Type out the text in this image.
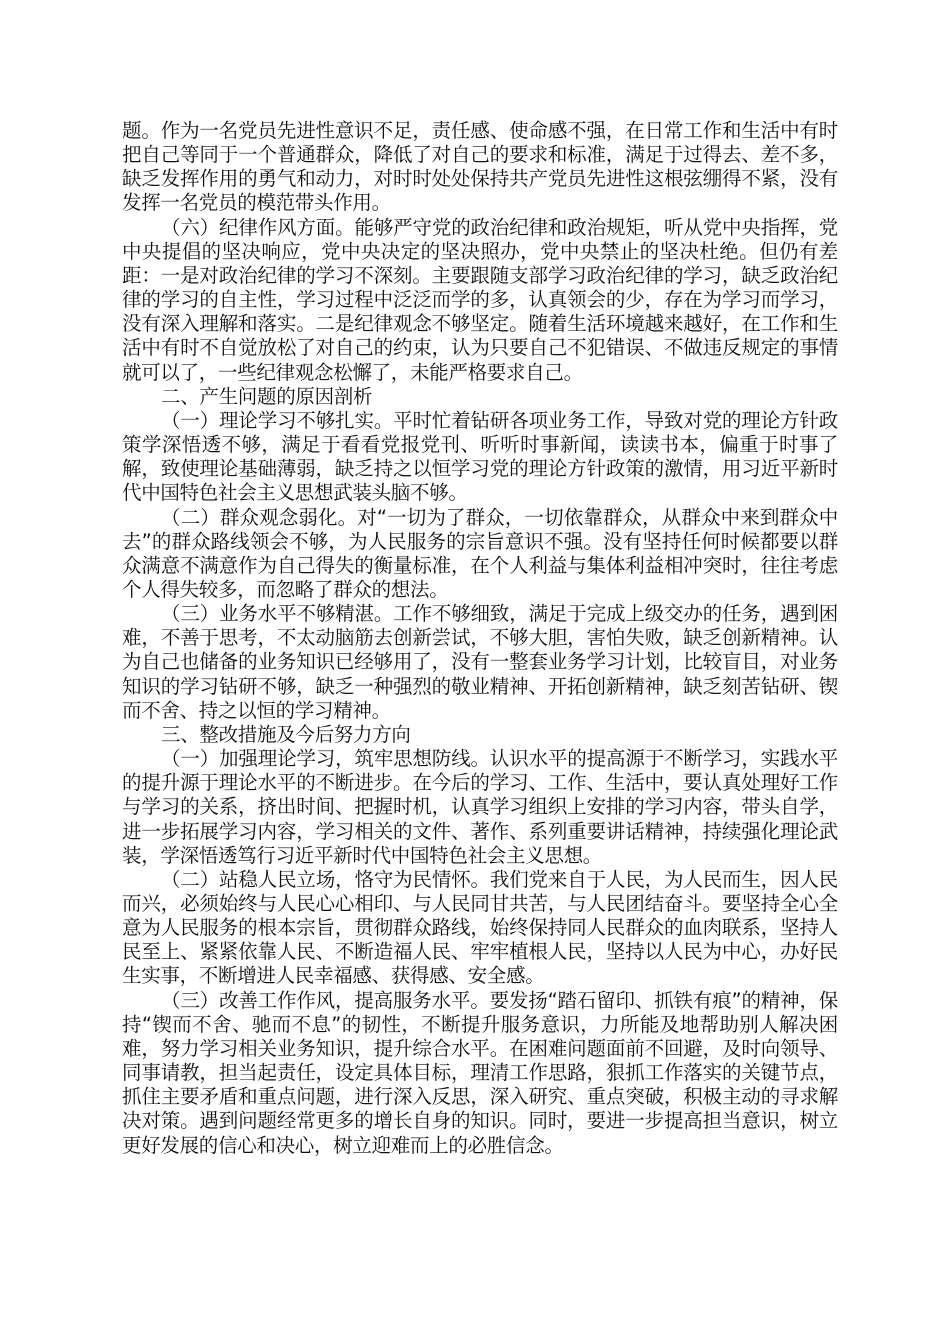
题。作为一名党员先进性意识不足，责任感、使命感不强，在日常工作和生活中有时把自己等同于一个普通群众，降低了对自己的要求和标准，满足于过得去、差不多，缺乏发挥作用的勇气和动力，对时时处处保持共产党员先进性这根弦绷得不紧，没有发挥一名党员的模范带头作用。

（六）纪律作风方面。能够严守党的政治纪律和政治规矩，听从党中央指挥，党中央提倡的坚决响应，党中央决定的坚决照办，党中央禁止的坚决杜绝。但仍有差距：一是对政治纪律的学习不深刻。主要跟随支部学习政治纪律的学习，缺乏政治纪律的学习的自主性，学习过程中泛泛而学的多，认真领会的少，存在为学习而学习，没有深入理解和落实。二是纪律观念不够坚定。随着生活环境越来越好，在工作和生活中有时不自觉放松了对自己的约束，认为只要自己不犯错误、不做违反规定的事情就可以了，一些纪律观念松懈了，未能严格要求自己。

二、产生问题的原因剖析

（一）理论学习不够扎实。平时忙着钻研各项业务工作，导致对党的理论方针政策学深悟透不够，满足于看看党报党刊、听听时事新闻，读读书本，偏重于时事了解，致使理论基础薄弱，缺乏持之以恒学习党的理论方针政策的激情，用习近平新时代中国特色社会主义思想武装头脑不够。

（二）群众观念弱化。对“一切为了群众，一切依靠群众，从群众中来到群众中去”的群众路线领会不够，为人民服务的宗旨意识不强。没有坚持任何时候都要以群众满意不满意作为自己得失的衡量标准，在个人利益与集体利益相冲突时，往往考虑个人得失较多，而忽略了群众的想法。

（三）业务水平不够精湛。工作不够细致，满足于完成上级交办的任务，遇到困难，不善于思考，不太动脑筋去创新尝试，不够大胆，害怕失败，缺乏创新精神。认为自己也储备的业务知识已经够用了，没有一整套业务学习计划，比较盲目，对业务知识的学习钻研不够，缺乏一种强烈的敬业精神、开拓创新精神，缺乏刻苦钻研、锲而不舍、持之以恒的学习精神。

三、整改措施及今后努力方向

（一）加强理论学习，筑牢思想防线。认识水平的提高源于不断学习，实践水平的提升源于理论水平的不断进步。在今后的学习、工作、生活中，要认真处理好工作与学习的关系，挤出时间、把握时机，认真学习组织上安排的学习内容，带头自学，进一步拓展学习内容，学习相关的文件、著作、系列重要讲话精神，持续强化理论武装，学深悟透笃行习近平新时代中国特色社会主义思想。

（二）站稳人民立场，恪守为民情怀。我们党来自于人民，为人民而生，因人民而兴，必须始终与人民心心相印、与人民同甘共苦，与人民团结奋斗。要坚持全心全意为人民服务的根本宗旨，贯彻群众路线，始终保持同人民群众的血肉联系，坚持人民至上、紧紧依靠人民、不断造福人民、牢牢植根人民，坚持以人民为中心，办好民生实事，不断增进人民幸福感、获得感、安全感。

（三）改善工作作风，提高服务水平。要发扬“踏石留印、抓铁有痕”的精神，保持“锲而不舍、驰而不息”的韧性，不断提升服务意识，力所能及地帮助别人解决困难，努力学习相关业务知识，提升综合水平。在困难问题面前不回避，及时向领导、同事请教，担当起责任，设定具体目标，理清工作思路，狠抓工作落实的关键节点，抓住主要矛盾和重点问题，进行深入反思，深入研究、重点突破，积极主动的寻求解决对策。遇到问题经常更多的增长自身的知识。同时，要进一步提高担当意识，树立更好发展的信心和决心，树立迎难而上的必胜信念。
